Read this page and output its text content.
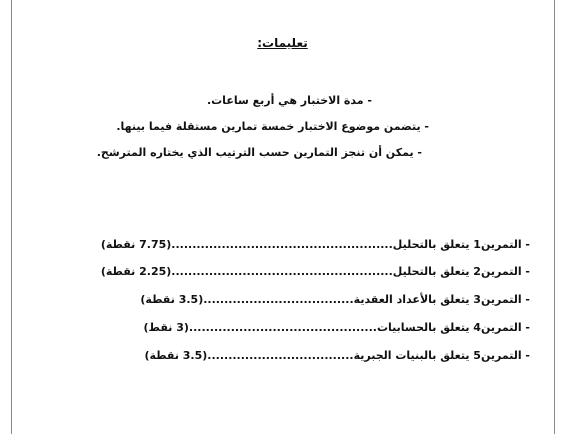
تعليمات:
- مدة الاختبار هي أربع ساعات.
- يتضمن موضوع الاختبار خمسة تمارين مستقلة فيما بينها.
- يمكن أن تنجز التمارين حسب الترتيب الذي يختاره المترشح.
- التمرين1 يتعلق بالتحليل.....................................................(7.75 نقطة)
- التمرين2 يتعلق بالتحليل.....................................................(2.25 نقطة)
- التمرين3 يتعلق بالأعداد العقدية....................................(3.5 نقطة)
- التمرين4 يتعلق بالحسابيات.............................................(3 نقط)
- التمرين5 يتعلق بالبنيات الجبرية...................................(3.5 نقطة)
